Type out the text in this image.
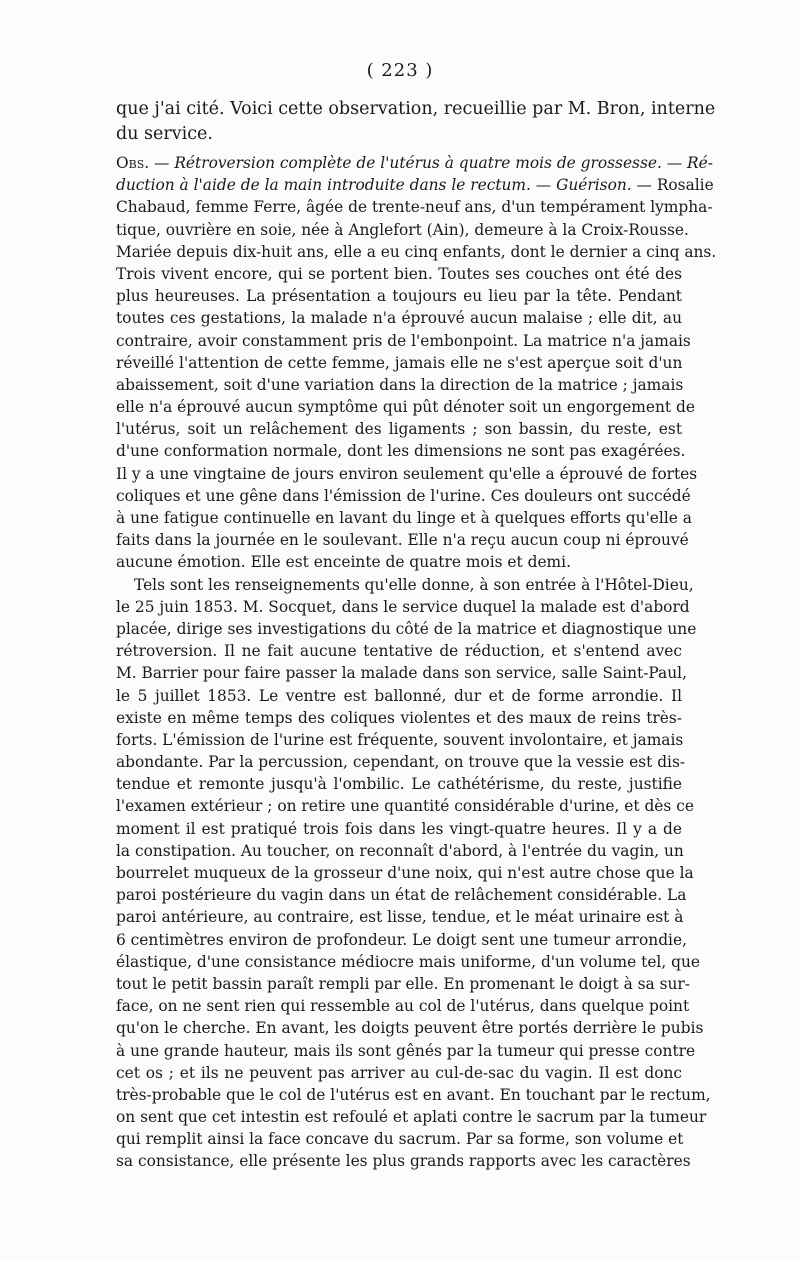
( 223 )
que j'ai cité. Voici cette observation, recueillie par M. Bron, interne
du service.
Obs. — Rétroversion complète de l'utérus à quatre mois de grossesse. — Ré-
duction à l'aide de la main introduite dans le rectum. — Guérison. — Rosalie
Chabaud, femme Ferre, âgée de trente-neuf ans, d'un tempérament lympha-
tique, ouvrière en soie, née à Anglefort (Ain), demeure à la Croix-Rousse.
Mariée depuis dix-huit ans, elle a eu cinq enfants, dont le dernier a cinq ans.
Trois vivent encore, qui se portent bien. Toutes ses couches ont été des
plus heureuses. La présentation a toujours eu lieu par la tête. Pendant
toutes ces gestations, la malade n'a éprouvé aucun malaise ; elle dit, au
contraire, avoir constamment pris de l'embonpoint. La matrice n'a jamais
réveillé l'attention de cette femme, jamais elle ne s'est aperçue soit d'un
abaissement, soit d'une variation dans la direction de la matrice ; jamais
elle n'a éprouvé aucun symptôme qui pût dénoter soit un engorgement de
l'utérus, soit un relâchement des ligaments ; son bassin, du reste, est
d'une conformation normale, dont les dimensions ne sont pas exagérées.
Il y a une vingtaine de jours environ seulement qu'elle a éprouvé de fortes
coliques et une gêne dans l'émission de l'urine. Ces douleurs ont succédé
à une fatigue continuelle en lavant du linge et à quelques efforts qu'elle a
faits dans la journée en le soulevant. Elle n'a reçu aucun coup ni éprouvé
aucune émotion. Elle est enceinte de quatre mois et demi.
Tels sont les renseignements qu'elle donne, à son entrée à l'Hôtel-Dieu,
le 25 juin 1853. M. Socquet, dans le service duquel la malade est d'abord
placée, dirige ses investigations du côté de la matrice et diagnostique une
rétroversion. Il ne fait aucune tentative de réduction, et s'entend avec
M. Barrier pour faire passer la malade dans son service, salle Saint-Paul,
le 5 juillet 1853. Le ventre est ballonné, dur et de forme arrondie. Il
existe en même temps des coliques violentes et des maux de reins très-
forts. L'émission de l'urine est fréquente, souvent involontaire, et jamais
abondante. Par la percussion, cependant, on trouve que la vessie est dis-
tendue et remonte jusqu'à l'ombilic. Le cathétérisme, du reste, justifie
l'examen extérieur ; on retire une quantité considérable d'urine, et dès ce
moment il est pratiqué trois fois dans les vingt-quatre heures. Il y a de
la constipation. Au toucher, on reconnaît d'abord, à l'entrée du vagin, un
bourrelet muqueux de la grosseur d'une noix, qui n'est autre chose que la
paroi postérieure du vagin dans un état de relâchement considérable. La
paroi antérieure, au contraire, est lisse, tendue, et le méat urinaire est à
6 centimètres environ de profondeur. Le doigt sent une tumeur arrondie,
élastique, d'une consistance médiocre mais uniforme, d'un volume tel, que
tout le petit bassin paraît rempli par elle. En promenant le doigt à sa sur-
face, on ne sent rien qui ressemble au col de l'utérus, dans quelque point
qu'on le cherche. En avant, les doigts peuvent être portés derrière le pubis
à une grande hauteur, mais ils sont gênés par la tumeur qui presse contre
cet os ; et ils ne peuvent pas arriver au cul-de-sac du vagin. Il est donc
très-probable que le col de l'utérus est en avant. En touchant par le rectum,
on sent que cet intestin est refoulé et aplati contre le sacrum par la tumeur
qui remplit ainsi la face concave du sacrum. Par sa forme, son volume et
sa consistance, elle présente les plus grands rapports avec les caractères
